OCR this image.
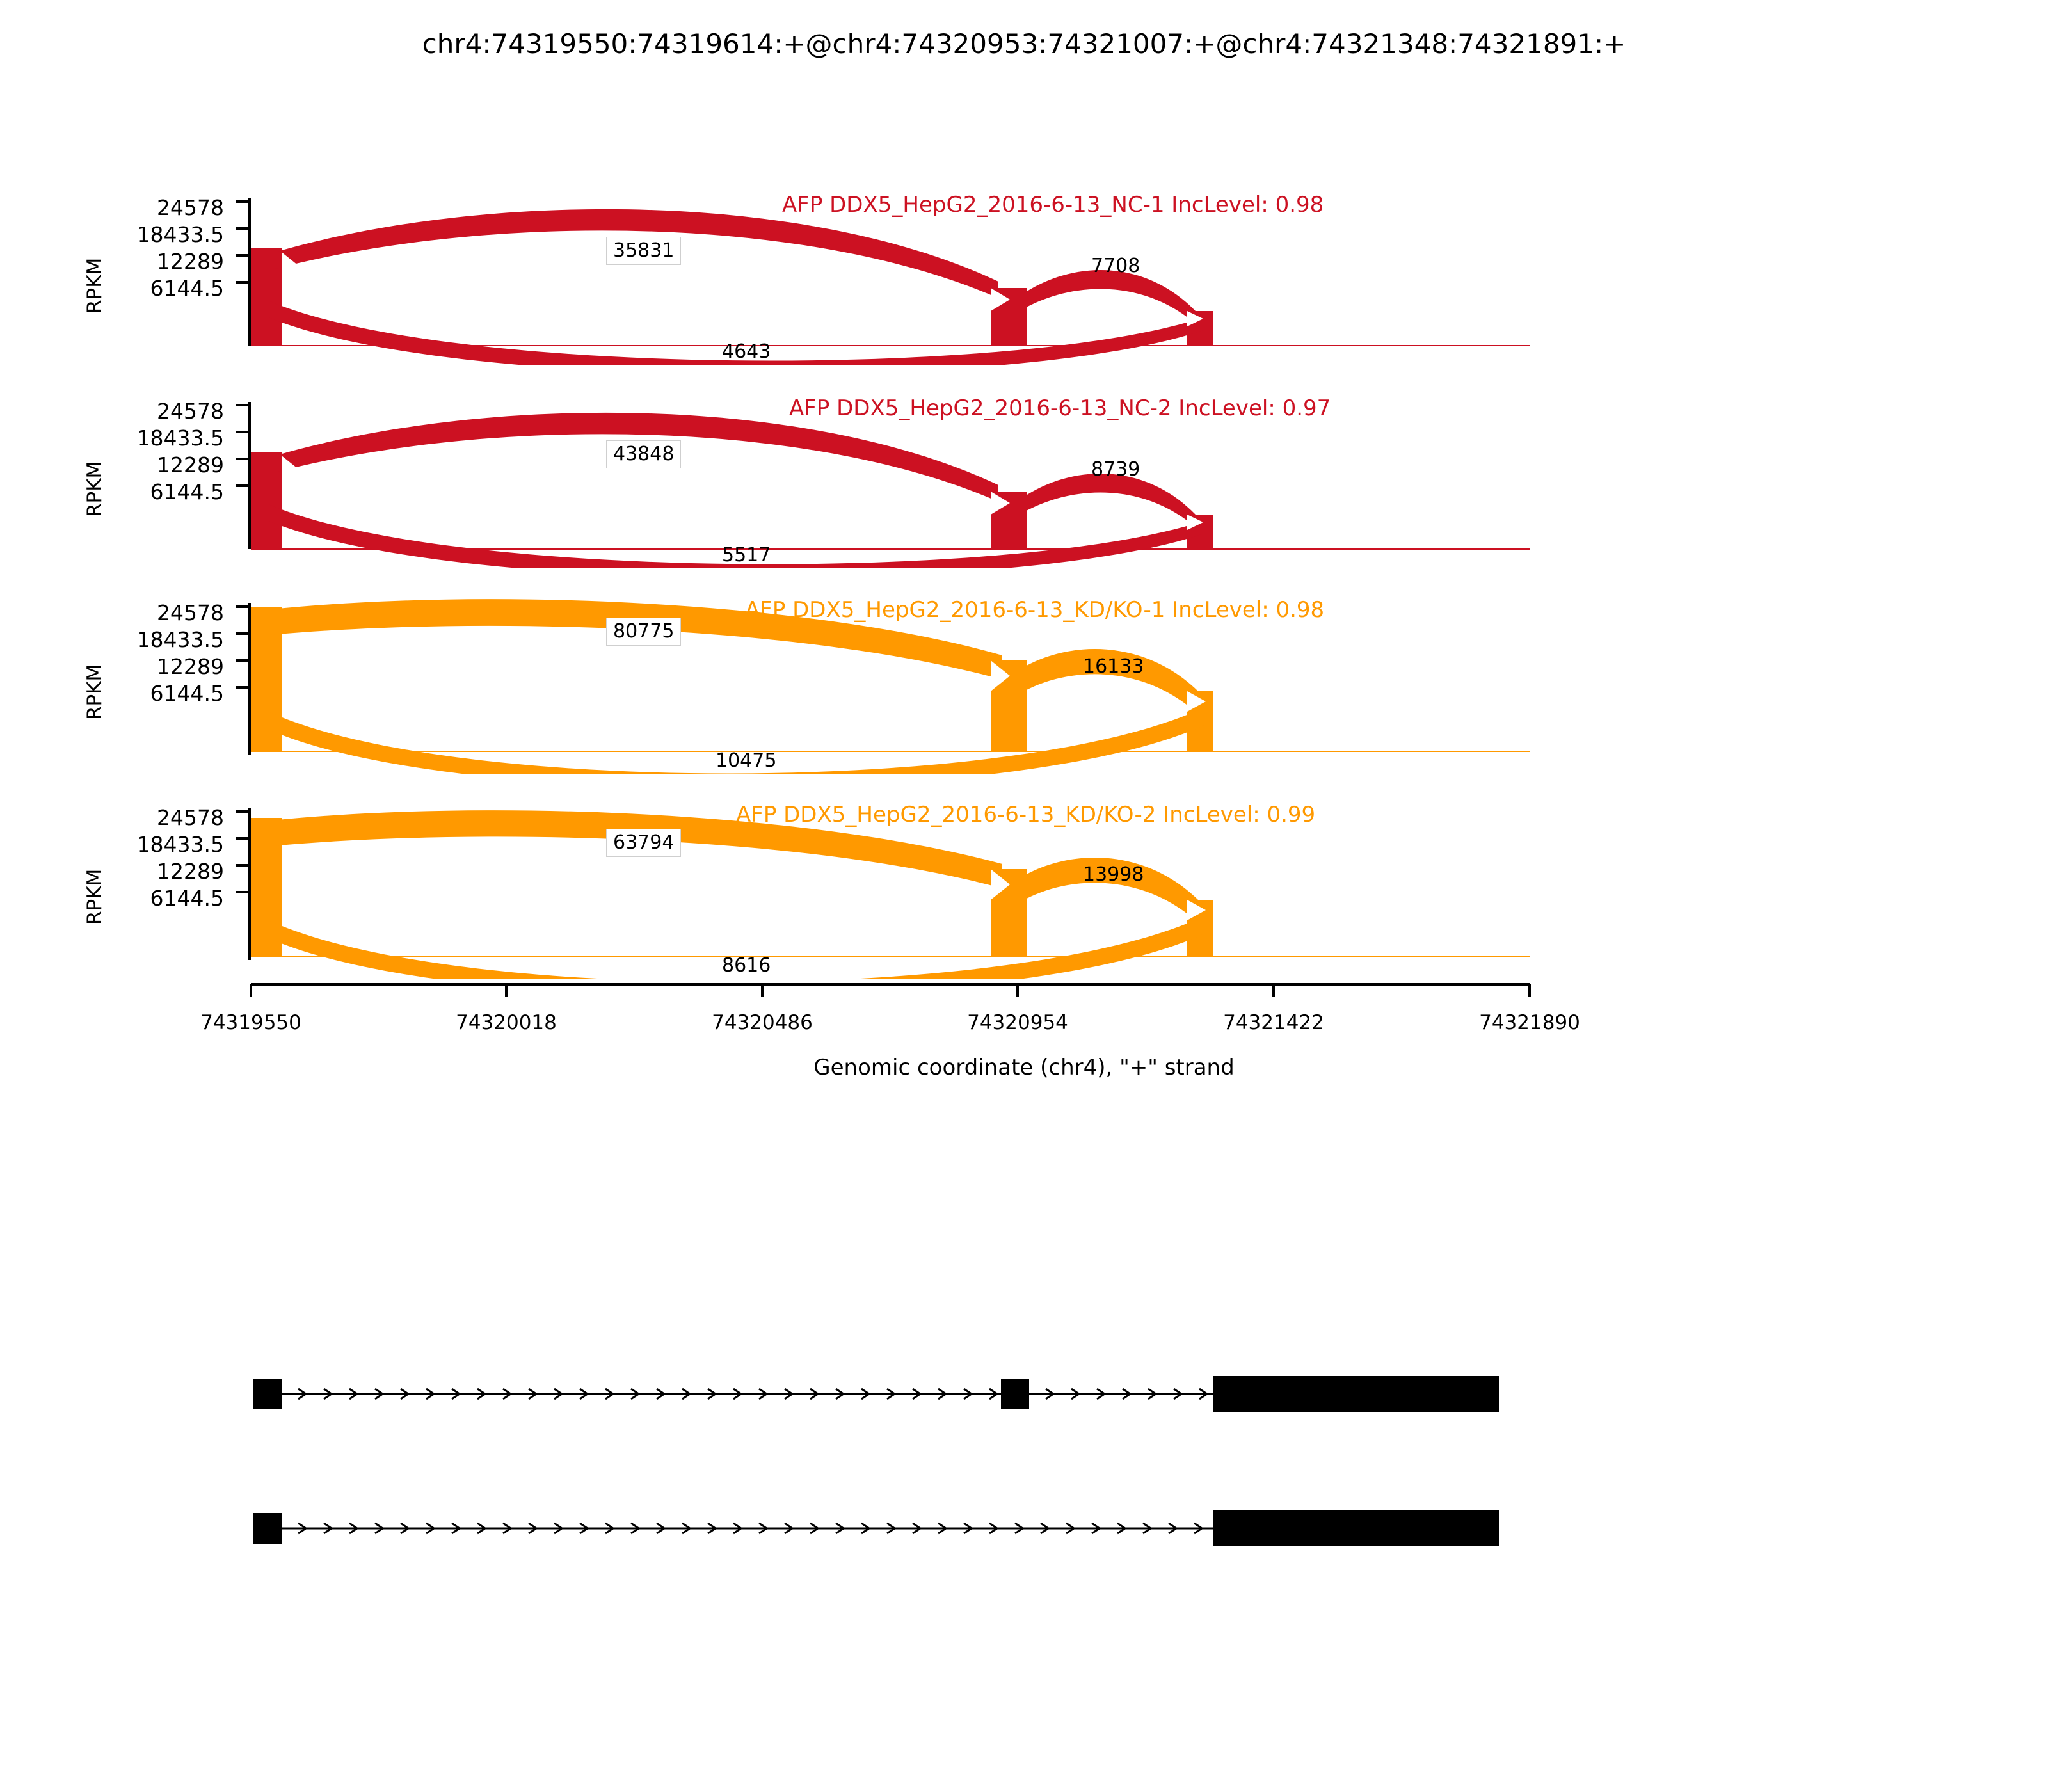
chr4:74319550:74319614:+@chr4:74320953:74321007:+@chr4:74321348:74321891:+
RPKM
24578
18433.5
12289
6144.5
AFP DDX5_HepG2_2016-6-13_NC-1 IncLevel: 0.98
35831
7708
4643
RPKM
24578
18433.5
12289
6144.5
AFP DDX5_HepG2_2016-6-13_NC-2 IncLevel: 0.97
43848
8739
5517
RPKM
24578
18433.5
12289
6144.5
AFP DDX5_HepG2_2016-6-13_KD/KO-1 IncLevel: 0.98
80775
16133
10475
RPKM
24578
18433.5
12289
6144.5
AFP DDX5_HepG2_2016-6-13_KD/KO-2 IncLevel: 0.99
63794
13998
8616
74319550	74320018	74320486	74320954	74321422	74321890
Genomic coordinate (chr4), "+" strand
